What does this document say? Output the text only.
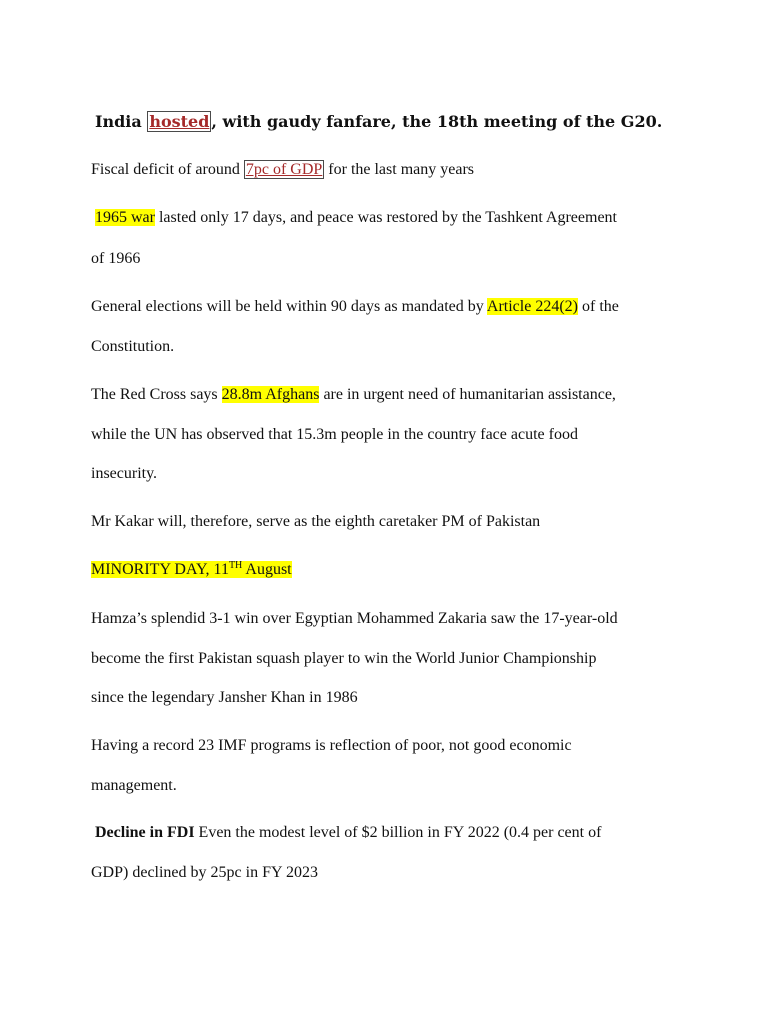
India hosted , with gaudy fanfare, the 18th meeting of the G20.
Fiscal deficit of around 7pc of GDP for the last many years
1965 war lasted only 17 days, and peace was restored by the Tashkent Agreement
of 1966
General elections will be held within 90 days as mandated by Article 224(2) of the
Constitution.
The Red Cross says 28.8m Afghans are in urgent need of humanitarian assistance,
while the UN has observed that 15.3m people in the country face acute food
insecurity.
Mr Kakar will, therefore, serve as the eighth caretaker PM of Pakistan
MINORITY DAY, 11TH August
Hamza’s splendid 3-1 win over Egyptian Mohammed Zakaria saw the 17-year-old
become the first Pakistan squash player to win the World Junior Championship
since the legendary Jansher Khan in 1986
Having a record 23 IMF programs is reflection of poor, not good economic
management.
Decline in FDI Even the modest level of $2 billion in FY 2022 (0.4 per cent of
GDP) declined by 25pc in FY 2023
